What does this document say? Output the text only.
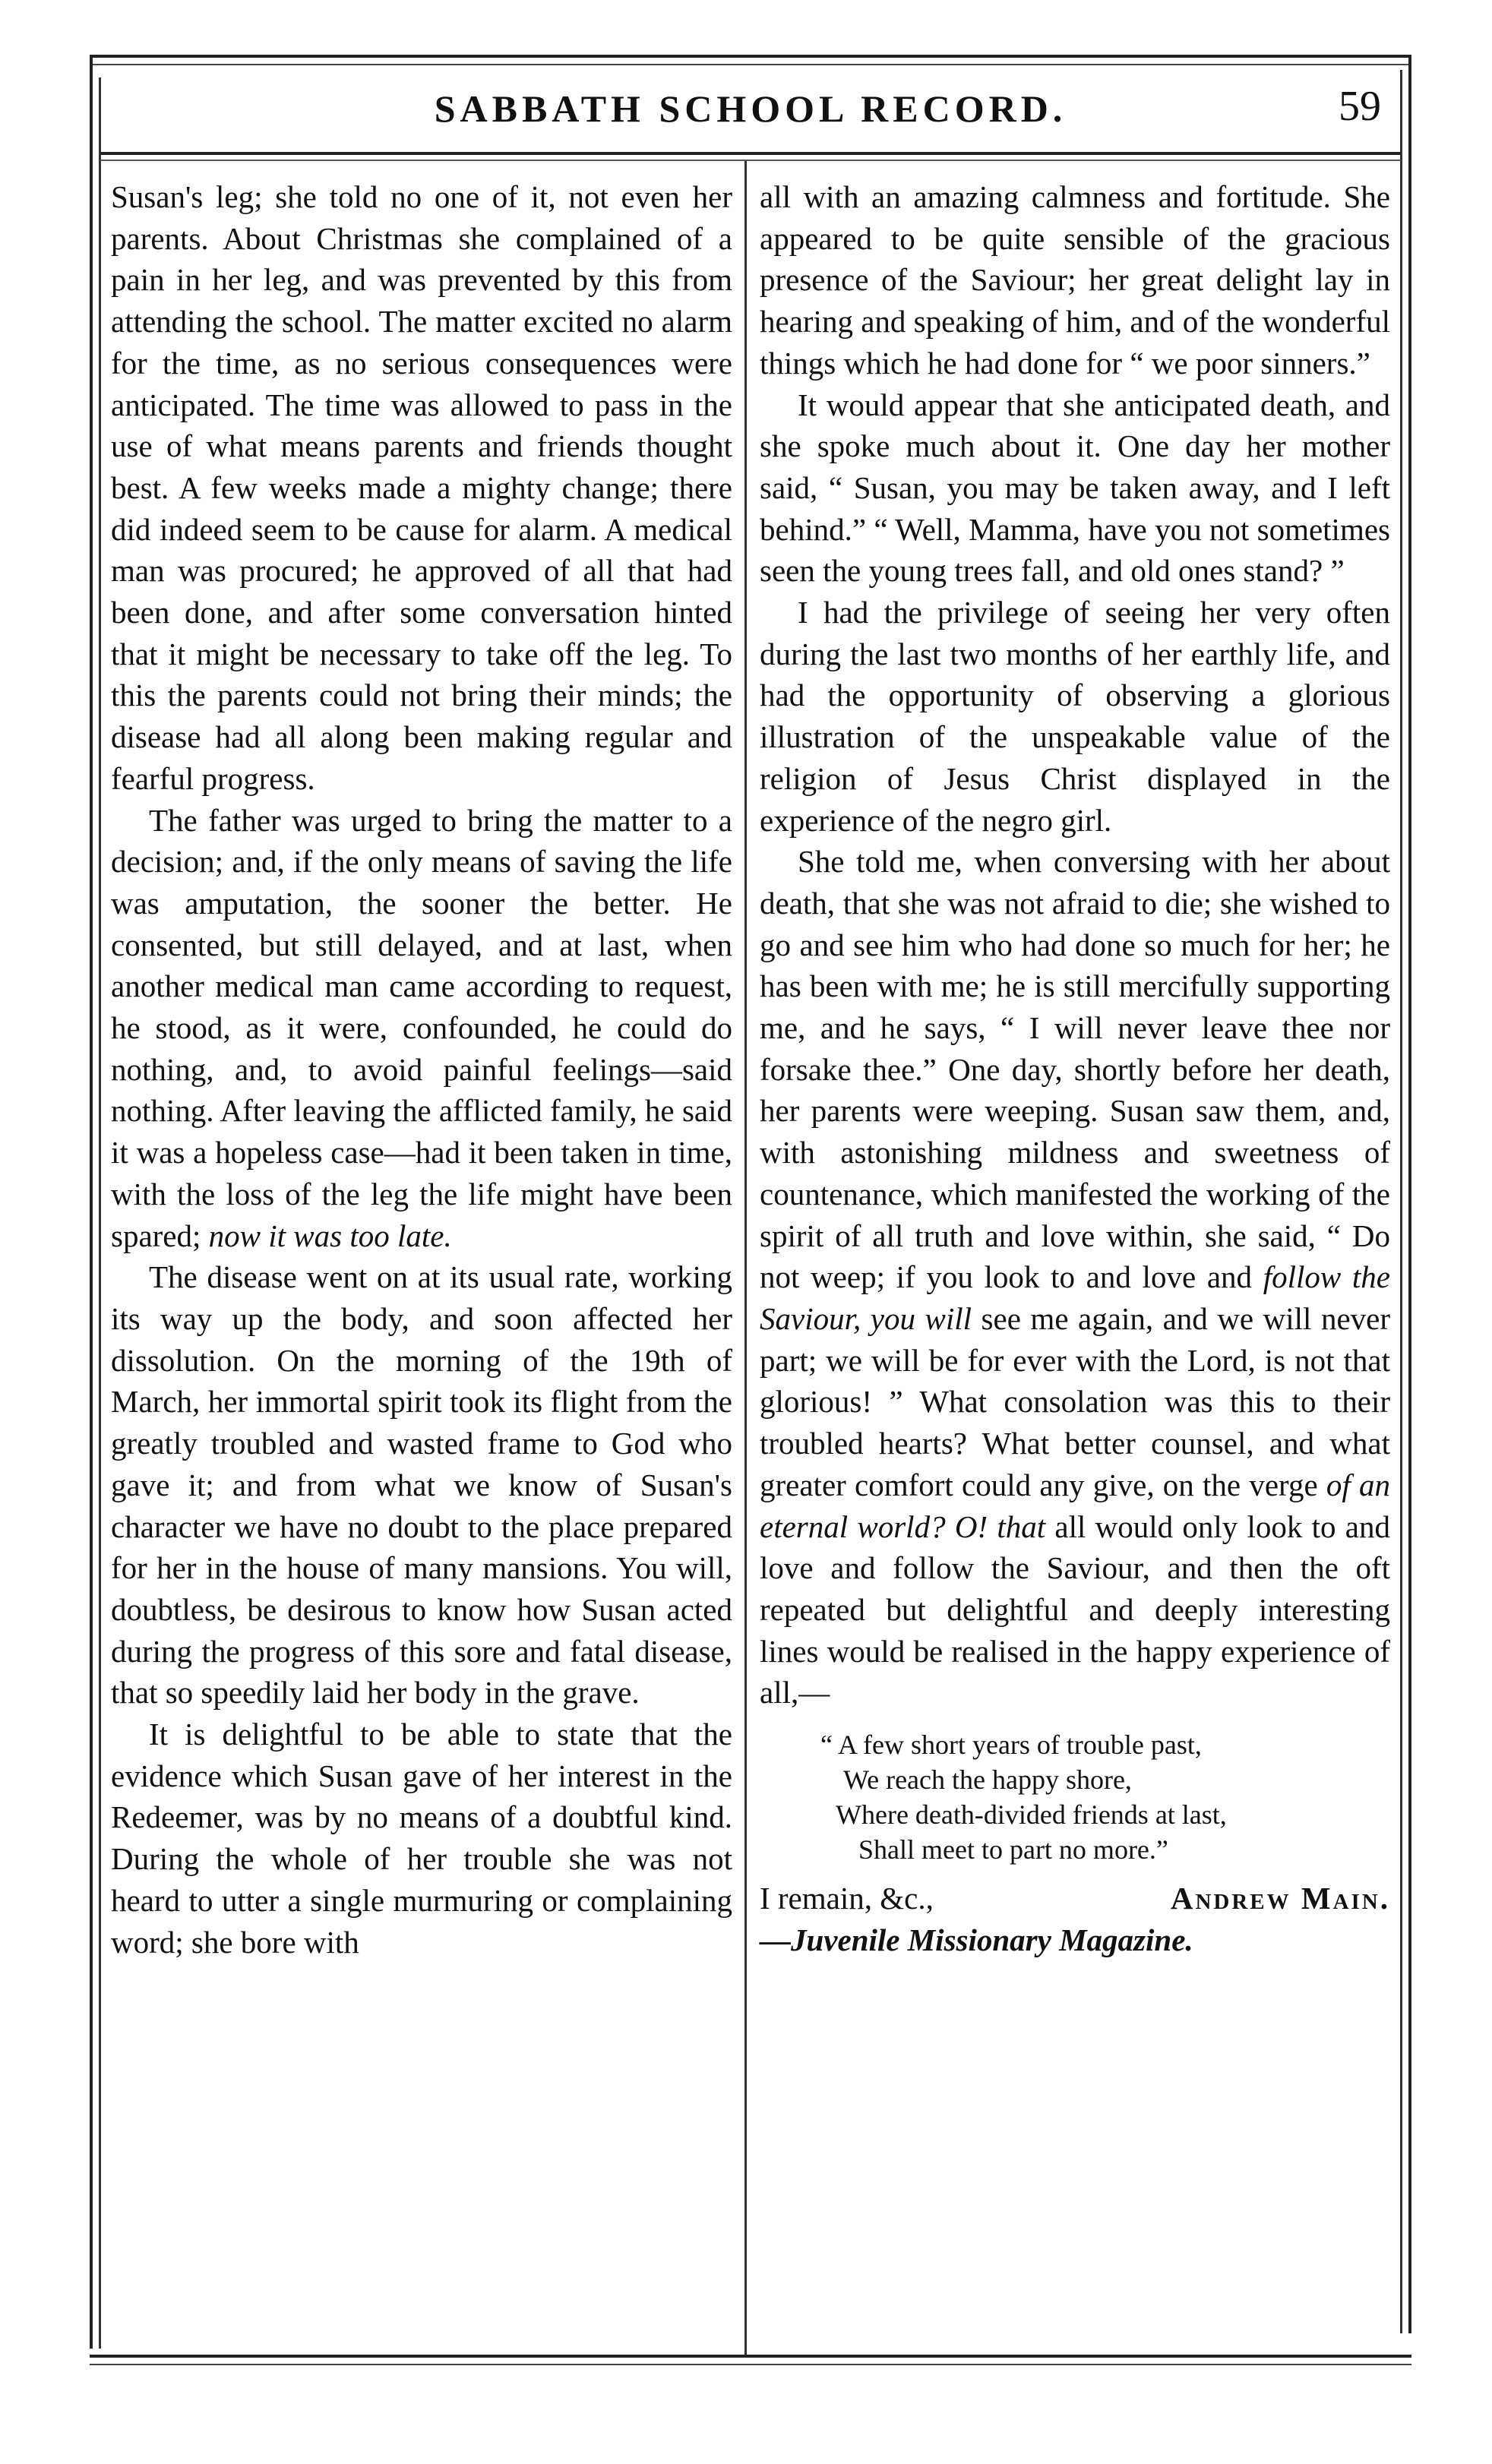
SABBATH SCHOOL RECORD.	59

Susan's leg; she told no one of it, not even her parents. About Christmas she complained of a pain in her leg, and was prevented by this from attending the school. The matter excited no alarm for the time, as no serious consequences were anticipated. The time was allowed to pass in the use of what means parents and friends thought best. A few weeks made a mighty change; there did indeed seem to be cause for alarm. A medical man was procured; he approved of all that had been done, and after some conversation hinted that it might be necessary to take off the leg. To this the parents could not bring their minds; the disease had all along been making regular and fearful progress.

The father was urged to bring the matter to a decision; and, if the only means of saving the life was amputation, the sooner the better. He consented, but still delayed, and at last, when another medical man came according to request, he stood, as it were, confounded, he could do nothing, and, to avoid painful feelings—said nothing. After leaving the afflicted family, he said it was a hopeless case—had it been taken in time, with the loss of the leg the life might have been spared; now it was too late.

The disease went on at its usual rate, working its way up the body, and soon affected her dissolution. On the morning of the 19th of March, her immortal spirit took its flight from the greatly troubled and wasted frame to God who gave it; and from what we know of Susan's character we have no doubt to the place prepared for her in the house of many mansions. You will, doubtless, be desirous to know how Susan acted during the progress of this sore and fatal disease, that so speedily laid her body in the grave.

It is delightful to be able to state that the evidence which Susan gave of her interest in the Redeemer, was by no means of a doubtful kind. During the whole of her trouble she was not heard to utter a single murmuring or complaining word; she bore with

all with an amazing calmness and fortitude. She appeared to be quite sensible of the gracious presence of the Saviour; her great delight lay in hearing and speaking of him, and of the wonderful things which he had done for “ we poor sinners.”

It would appear that she anticipated death, and she spoke much about it. One day her mother said, “ Susan, you may be taken away, and I left behind.” “ Well, Mamma, have you not sometimes seen the young trees fall, and old ones stand? ”

I had the privilege of seeing her very often during the last two months of her earthly life, and had the opportunity of observing a glorious illustration of the unspeakable value of the religion of Jesus Christ displayed in the experience of the negro girl.

She told me, when conversing with her about death, that she was not afraid to die; she wished to go and see him who had done so much for her; he has been with me; he is still mercifully supporting me, and he says, “ I will never leave thee nor forsake thee.” One day, shortly before her death, her parents were weeping. Susan saw them, and, with astonishing mildness and sweetness of countenance, which manifested the working of the spirit of all truth and love within, she said, “ Do not weep; if you look to and love and follow the Saviour, you will see me again, and we will never part; we will be for ever with the Lord, is not that glorious! ” What consolation was this to their troubled hearts? What better counsel, and what greater comfort could any give, on the verge of an eternal world? O! that all would only look to and love and follow the Saviour, and then the oft repeated but delightful and deeply interesting lines would be realised in the happy experience of all,—

“ A few short years of trouble past,
We reach the happy shore,
Where death-divided friends at last,
Shall meet to part no more.”
I remain, &c.,	Andrew Main.
—Juvenile Missionary Magazine.
